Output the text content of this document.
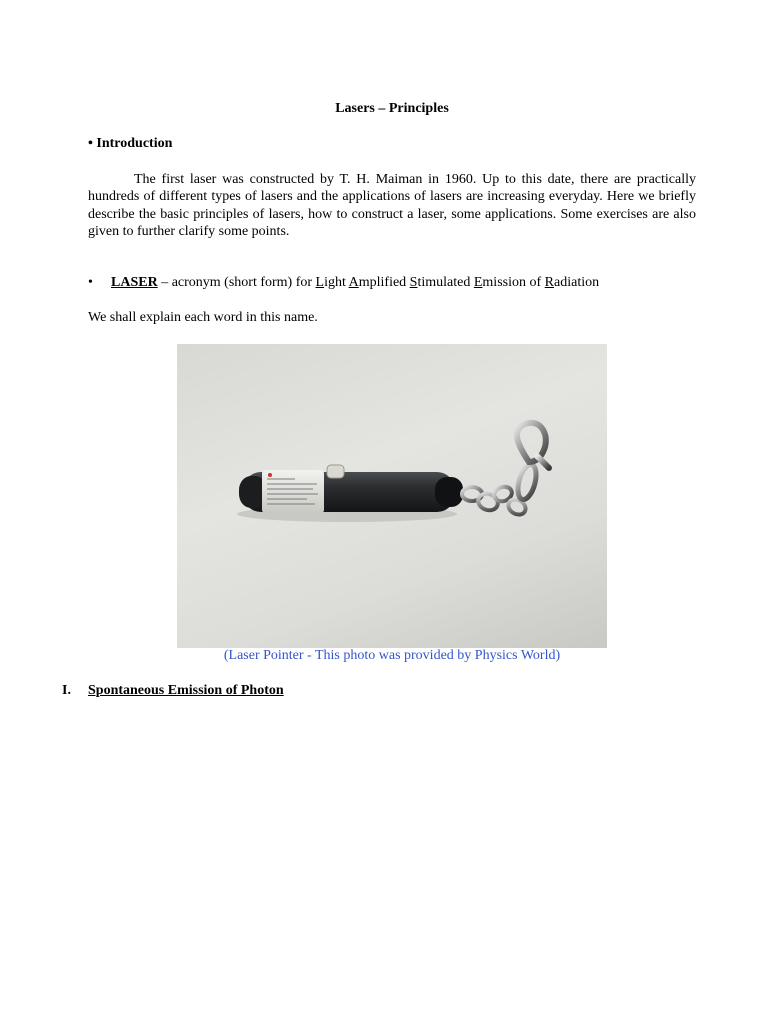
Lasers – Principles
• Introduction
The first laser was constructed by T. H. Maiman in 1960. Up to this date, there are practically hundreds of different types of lasers and the applications of lasers are increasing everyday. Here we briefly describe the basic principles of lasers, how to construct a laser, some applications. Some exercises are also given to further clarify some points.
• LASER – acronym (short form) for Light Amplified Stimulated Emission of Radiation
We shall explain each word in this name.
(Laser Pointer - This photo was provided by Physics World)
I. Spontaneous Emission of Photon
